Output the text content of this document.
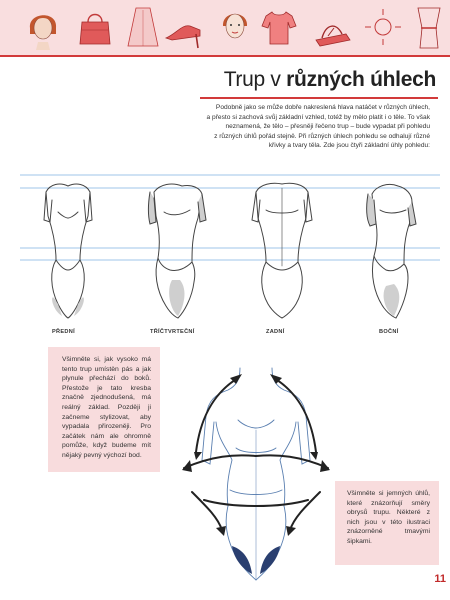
Trup v různých úhlech
Podobně jako se může dobře nakreslená hlava natáčet v různých úhlech,
a přesto si zachová svůj základní vzhled, totéž by mělo platit i o těle. To však
neznamená, že tělo – přesněji řečeno trup – bude vypadat při pohledu
z různých úhlů pořád stejně. Při různých úhlech pohledu se odhalují různé
křivky a tvary těla. Zde jsou čtyři základní úhly pohledu:
PŘEDNÍ	TŘÍČTVRTEČNÍ	ZADNÍ	BOČNÍ
Všimněte si, jak vysoko má tento trup umístěn pás a jak plynule přechází do boků. Přestože je tato kresba značně zjednodušená, má reálný základ. Později ji začneme stylizovat, aby vypadala přirozeněji. Pro začátek nám ale ohromně pomůže, když budeme mít nějaký pevný výchozí bod.
Všimněte si jemných úhlů, které znázorňují směry obrysů trupu. Některé z nich jsou v této ilustraci znázorněné tmavými šipkami.
11
